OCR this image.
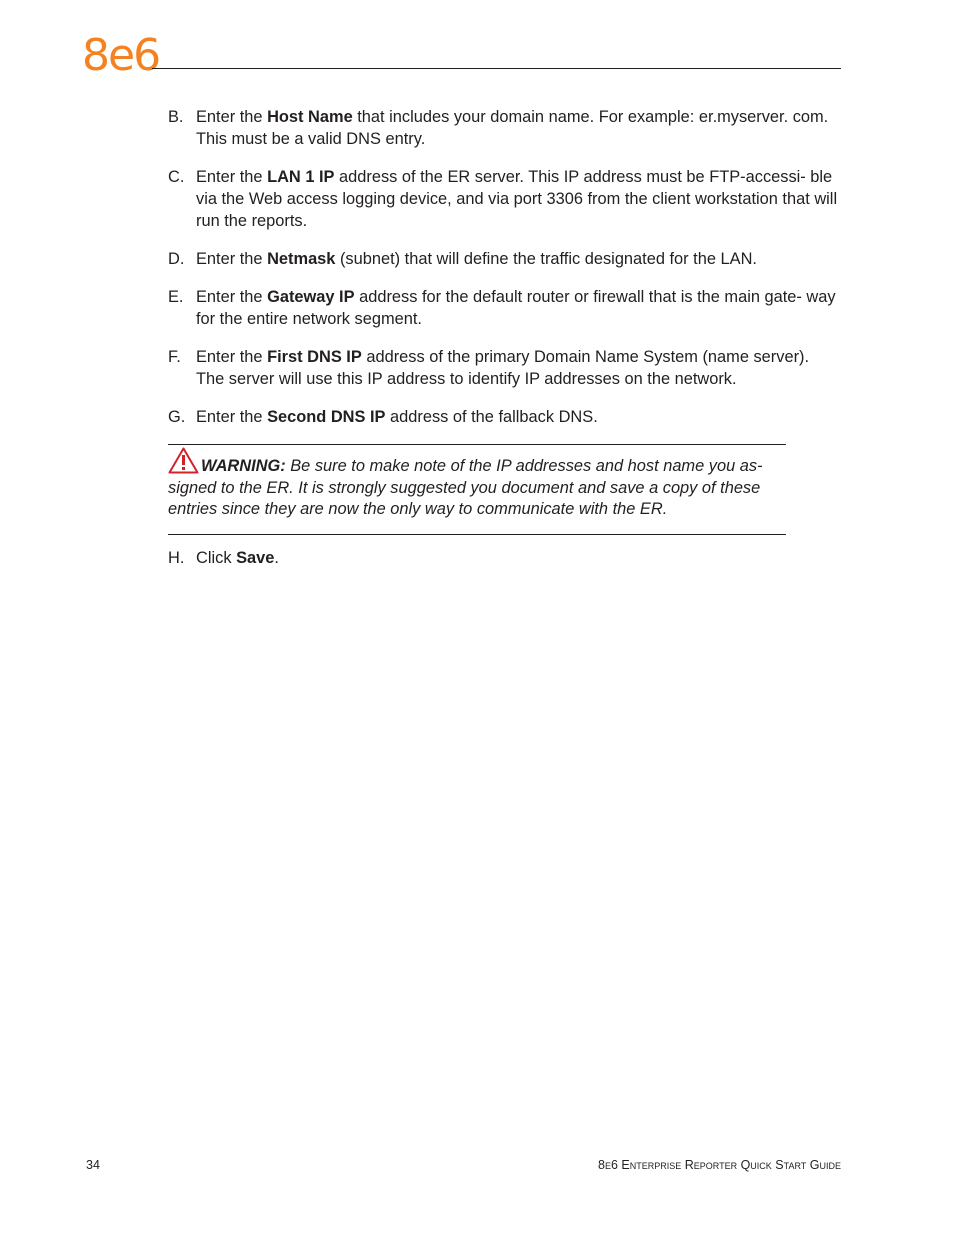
8e6
B. Enter the Host Name that includes your domain name. For example: er.myserver. com. This must be a valid DNS entry.
C. Enter the LAN 1 IP address of the ER server. This IP address must be FTP-accessi- ble via the Web access logging device, and via port 3306 from the client workstation that will run the reports.
D. Enter the Netmask (subnet) that will define the traffic designated for the LAN.
E. Enter the Gateway IP address for the default router or firewall that is the main gate- way for the entire network segment.
F. Enter the First DNS IP address of the primary Domain Name System (name server). The server will use this IP address to identify IP addresses on the network.
G. Enter the Second DNS IP address of the fallback DNS.
WARNING: Be sure to make note of the IP addresses and host name you as- signed to the ER. It is strongly suggested you document and save a copy of these entries since they are now the only way to communicate with the ER.
H. Click Save.
34	8e6 Enterprise Reporter Quick Start Guide
